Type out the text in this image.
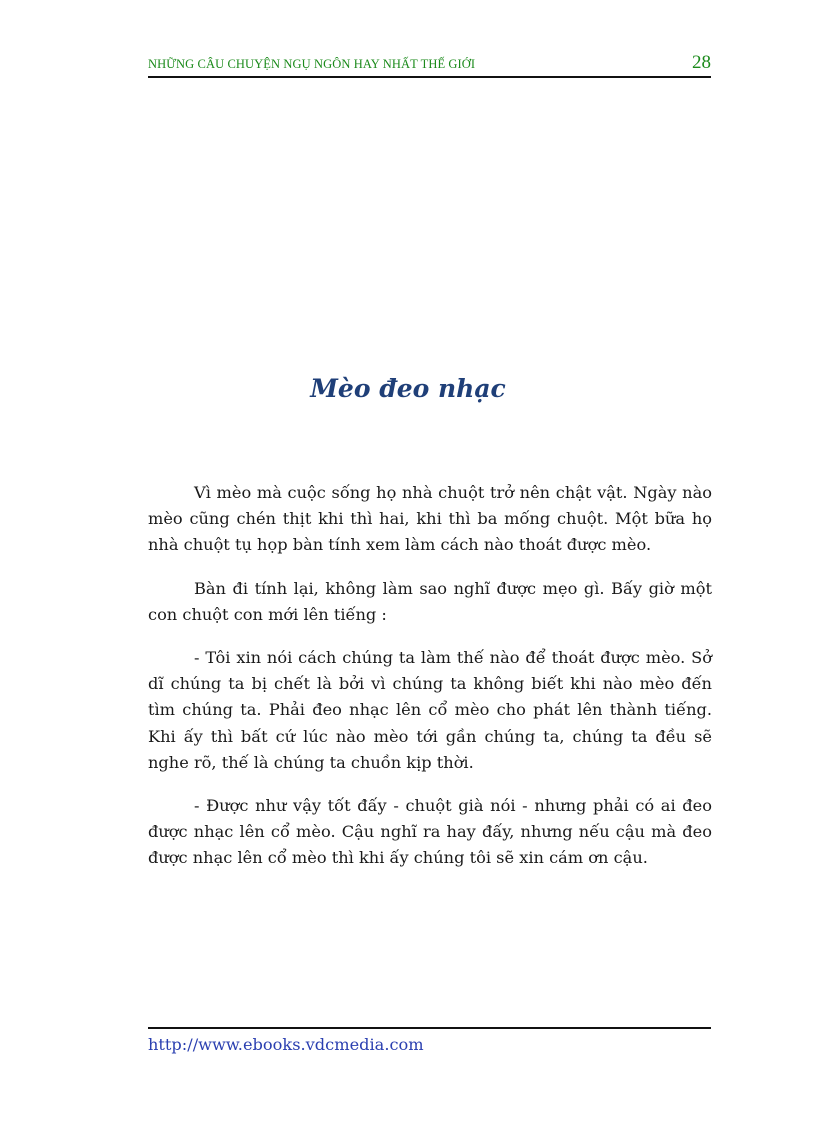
NHỮNG CÂU CHUYỆN NGỤ NGÔN HAY NHẤT THẾ GIỚI	28
Mèo đeo nhạc

Vì mèo mà cuộc sống họ nhà chuột trở nên chật vật. Ngày nào mèo cũng chén thịt khi thì hai, khi thì ba mống chuột. Một bữa họ nhà chuột tụ họp bàn tính xem làm cách nào thoát được mèo.

Bàn đi tính lại, không làm sao nghĩ được mẹo gì. Bấy giờ một con chuột con mới lên tiếng :

- Tôi xin nói cách chúng ta làm thế nào để thoát được mèo. Sở dĩ chúng ta bị chết là bởi vì chúng ta không biết khi nào mèo đến tìm chúng ta. Phải đeo nhạc lên cổ mèo cho phát lên thành tiếng. Khi ấy thì bất cứ lúc nào mèo tới gần chúng ta, chúng ta đều sẽ nghe rõ, thế là chúng ta chuồn kịp thời.

- Được như vậy tốt đấy - chuột già nói - nhưng phải có ai đeo được nhạc lên cổ mèo. Cậu nghĩ ra hay đấy, nhưng nếu cậu mà đeo được nhạc lên cổ mèo thì khi ấy chúng tôi sẽ xin cám ơn cậu.

http://www.ebooks.vdcmedia.com
